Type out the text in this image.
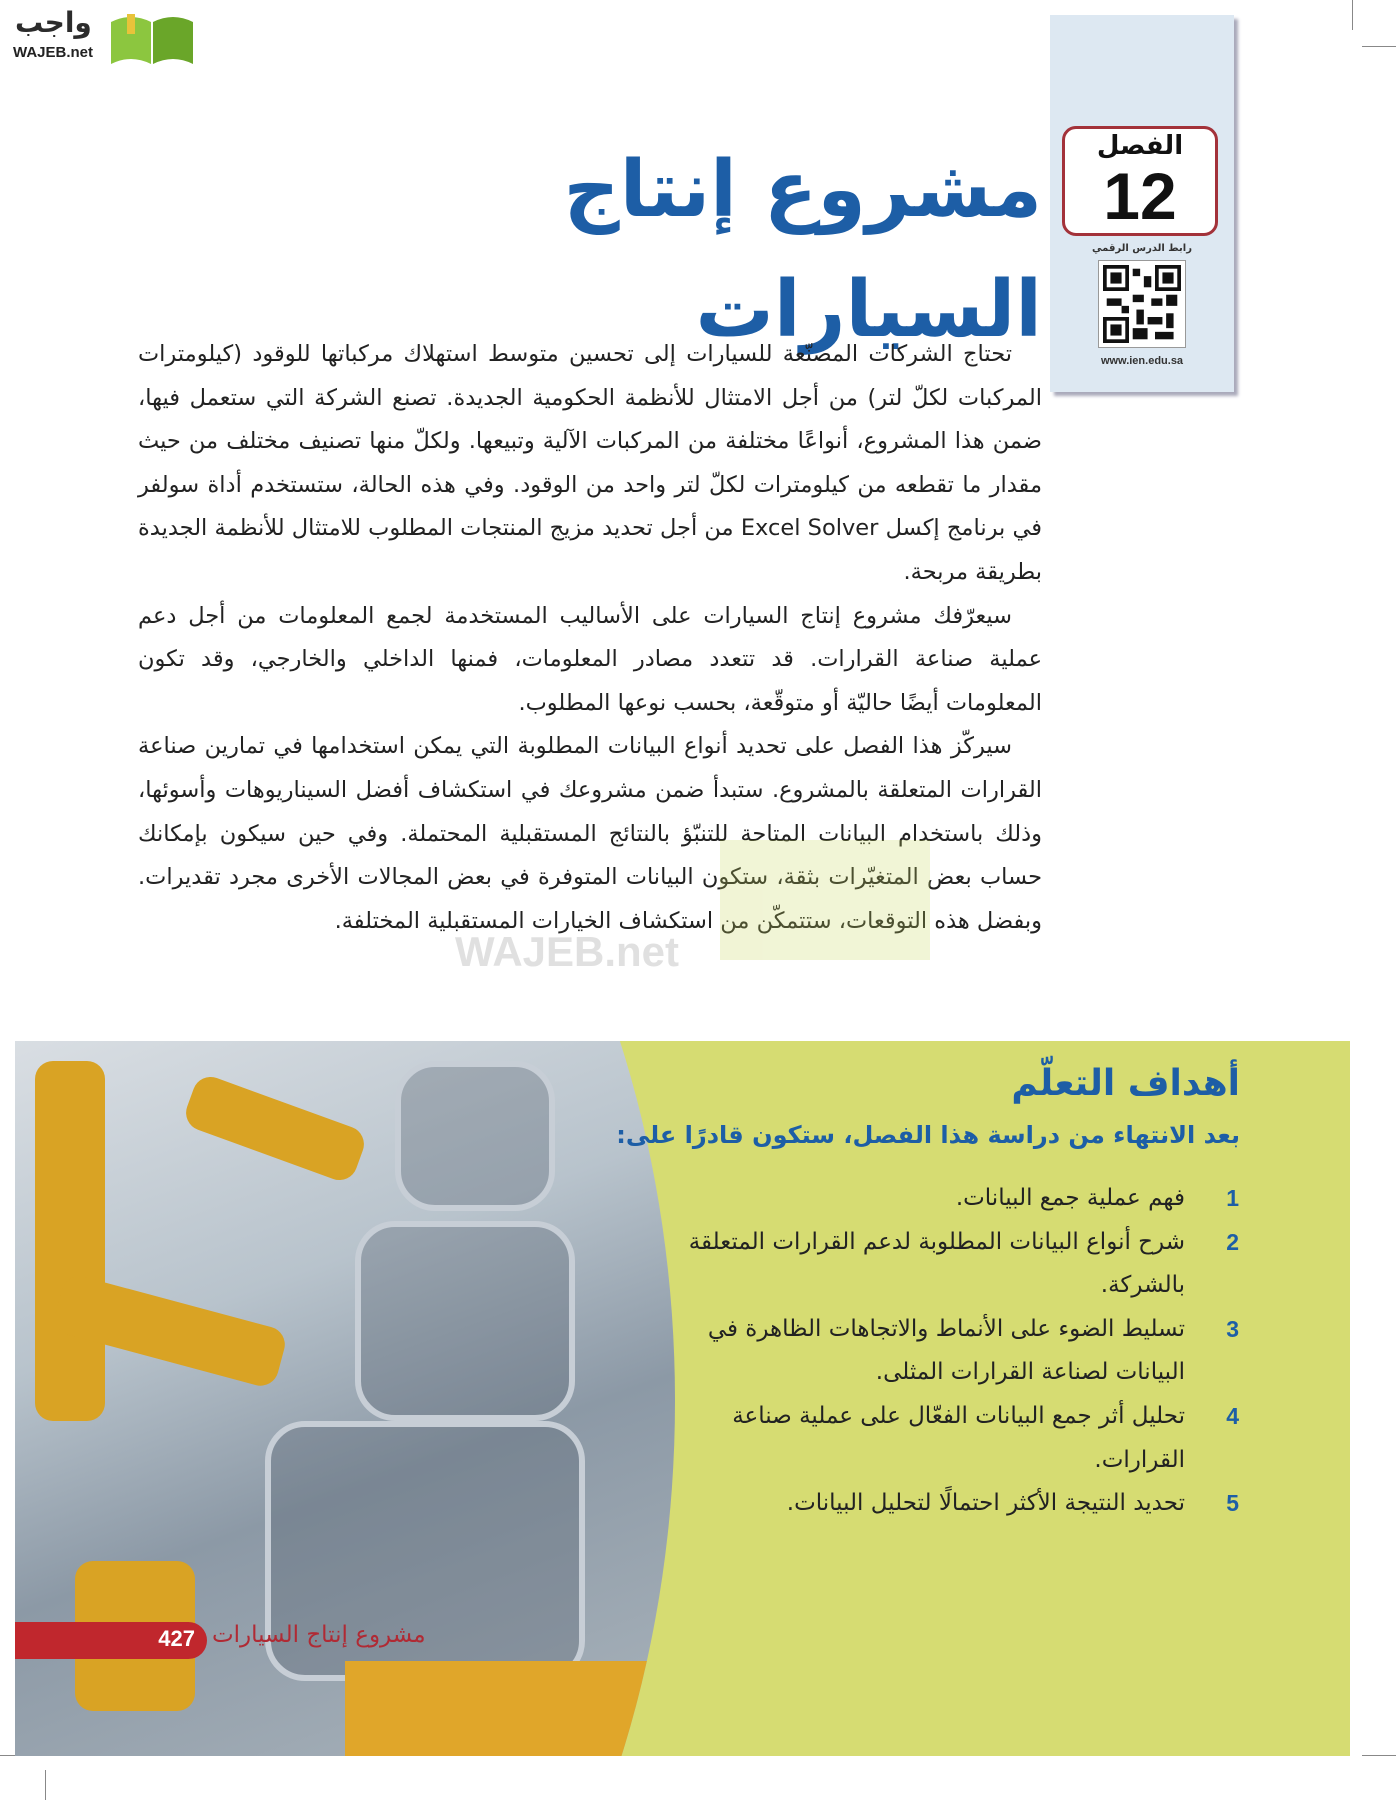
واجب
WAJEB.net
الفصل
12
رابط الدرس الرقمي
www.ien.edu.sa
مشروع إنتاج السيارات

تحتاج الشركات المصنّعة للسيارات إلى تحسين متوسط استهلاك مركباتها للوقود (كيلومترات المركبات لكلّ لتر) من أجل الامتثال للأنظمة الحكومية الجديدة. تصنع الشركة التي ستعمل فيها، ضمن هذا المشروع، أنواعًا مختلفة من المركبات الآلية وتبيعها. ولكلّ منها تصنيف مختلف من حيث مقدار ما تقطعه من كيلومترات لكلّ لتر واحد من الوقود. وفي هذه الحالة، ستستخدم أداة سولفر في برنامج إكسل Excel Solver من أجل تحديد مزيج المنتجات المطلوب للامتثال للأنظمة الجديدة بطريقة مربحة.

سيعرّفك مشروع إنتاج السيارات على الأساليب المستخدمة لجمع المعلومات من أجل دعم عملية صناعة القرارات. قد تتعدد مصادر المعلومات، فمنها الداخلي والخارجي، وقد تكون المعلومات أيضًا حاليّة أو متوقّعة، بحسب نوعها المطلوب.

سيركّز هذا الفصل على تحديد أنواع البيانات المطلوبة التي يمكن استخدامها في تمارين صناعة القرارات المتعلقة بالمشروع. ستبدأ ضمن مشروعك في استكشاف أفضل السيناريوهات وأسوئها، وذلك باستخدام البيانات المتاحة للتنبّؤ بالنتائج المستقبلية المحتملة. وفي حين سيكون بإمكانك حساب بعض المتغيّرات بثقة، ستكون البيانات المتوفرة في بعض المجالات الأخرى مجرد تقديرات. وبفضل هذه التوقعات، ستتمكّن من استكشاف الخيارات المستقبلية المختلفة.

WAJEB.net
أهداف التعلّم
بعد الانتهاء من دراسة هذا الفصل، ستكون قادرًا على:
1
فهم عملية جمع البيانات.
2
شرح أنواع البيانات المطلوبة لدعم القرارات المتعلقة بالشركة.
3
تسليط الضوء على الأنماط والاتجاهات الظاهرة في البيانات لصناعة القرارات المثلى.
4
تحليل أثر جمع البيانات الفعّال على عملية صناعة القرارات.
5
تحديد النتيجة الأكثر احتمالًا لتحليل البيانات.
427 مشروع إنتاج السيارات
